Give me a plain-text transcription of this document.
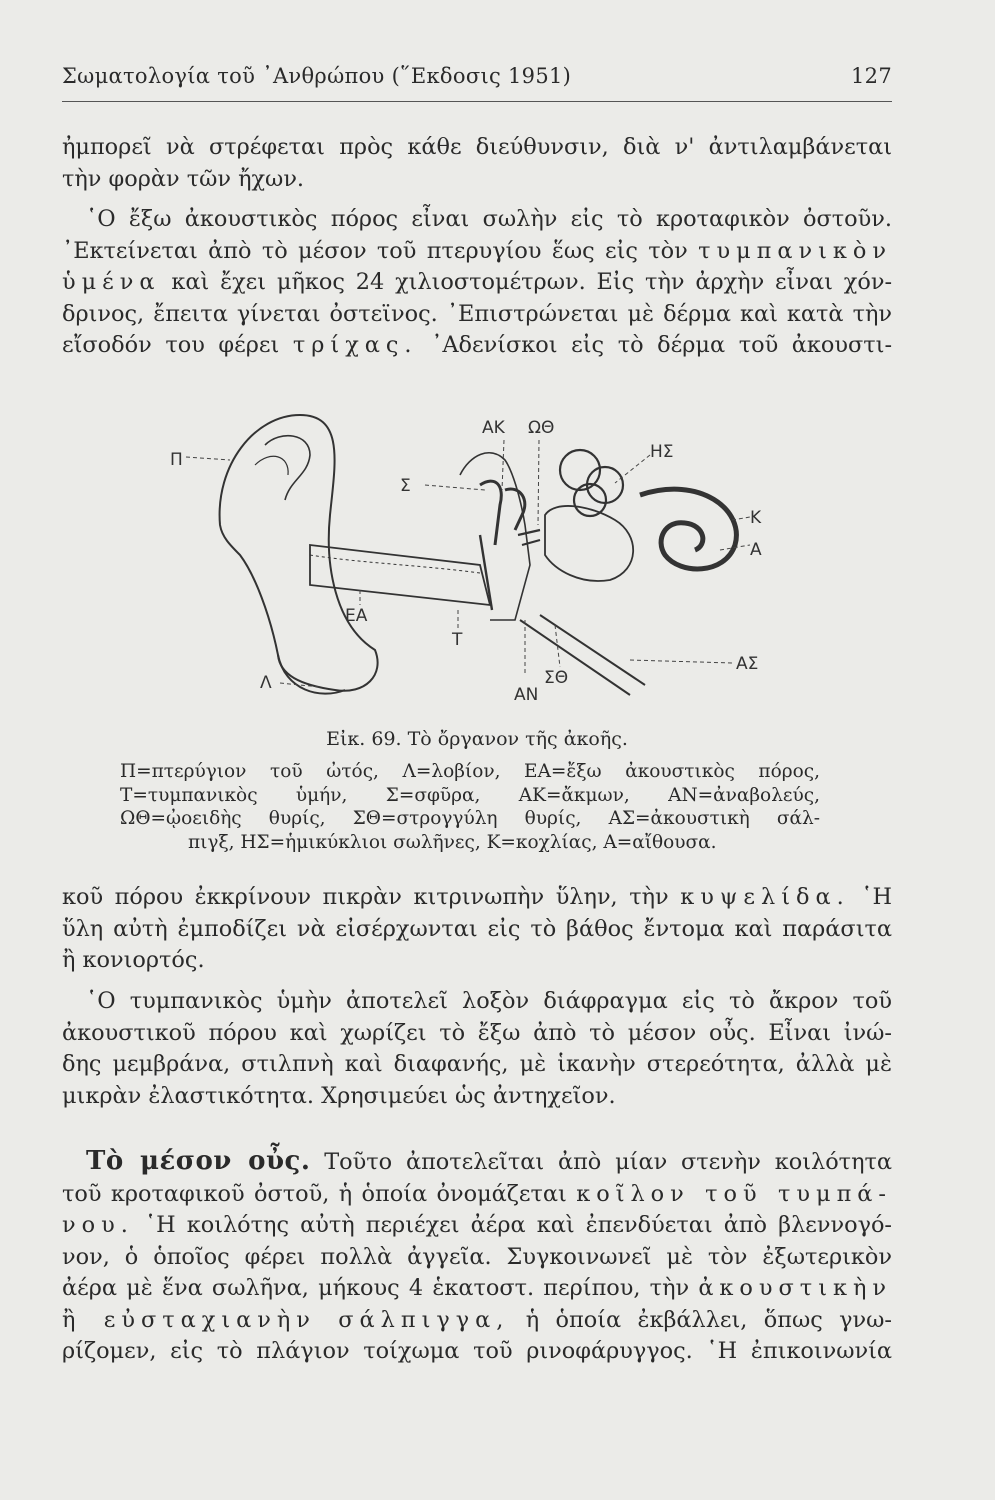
Σωματολογία τοῦ ᾿Ανθρώπου (῞Εκδοσις 1951)	127

ἠμπορεῖ νὰ στρέφεται πρὸς κάθε διεύθυνσιν, διὰ ν' ἀντιλαμβάνεται
τὴν φορὰν τῶν ἤχων.

῾Ο ἔξω ἀκουστικὸς πόρος εἶναι σωλὴν εἰς τὸ κροταφικὸν ὀστοῦν.
᾿Εκτείνεται ἀπὸ τὸ μέσον τοῦ πτερυγίου ἕως εἰς τὸν τυμπανικὸν
ὑμένα καὶ ἔχει μῆκος 24 χιλιοστομέτρων. Εἰς τὴν ἀρχὴν εἶναι χόν-
δρινος, ἔπειτα γίνεται ὀστεϊνος. ᾿Επιστρώνεται μὲ δέρμα καὶ κατὰ τὴν
εἴσοδόν του φέρει τρίχας. ᾿Αδενίσκοι εἰς τὸ δέρμα τοῦ ἀκουστι-

Π
ΑΚ ΩΘ
ΗΣ
Σ
Κ
Α
ΕΑ
Τ
Λ
ΑΝ
ΣΘ
ΑΣ
Εἰκ. 69. Τὸ ὄργανον τῆς ἀκοῆς.
Π=πτερύγιον τοῦ ὠτός, Λ=λοβίον, ΕΑ=ἔξω ἀκουστικὸς πόρος,
Τ=τυμπανικὸς ὑμήν, Σ=σφῦρα, ΑΚ=ἄκμων, ΑΝ=ἀναβολεύς,
ΩΘ=ᾠοειδὴς θυρίς, ΣΘ=στρογγύλη θυρίς, ΑΣ=ἀκουστικὴ σάλ-
πιγξ, ΗΣ=ἡμικύκλιοι σωλῆνες, Κ=κοχλίας, Α=αἴθουσα.

κοῦ πόρου ἐκκρίνουν πικρὰν κιτρινωπὴν ὕλην, τὴν κυψελίδα. ῾Η
ὕλη αὐτὴ ἐμποδίζει νὰ εἰσέρχωνται εἰς τὸ βάθος ἔντομα καὶ παράσιτα
ἢ κονιορτός.

῾Ο τυμπανικὸς ὑμὴν ἀποτελεῖ λοξὸν διάφραγμα εἰς τὸ ἄκρον τοῦ
ἀκουστικοῦ πόρου καὶ χωρίζει τὸ ἔξω ἀπὸ τὸ μέσον οὖς. Εἶναι ἰνώ-
δης μεμβράνα, στιλπνὴ καὶ διαφανής, μὲ ἱκανὴν στερεότητα, ἀλλὰ μὲ
μικρὰν ἐλαστικότητα. Χρησιμεύει ὡς ἀντηχεῖον.

Τὸ μέσον οὖς. Τοῦτο ἀποτελεῖται ἀπὸ μίαν στενὴν κοιλότητα
τοῦ κροταφικοῦ ὀστοῦ, ἡ ὁποία ὀνομάζεται κοῖλον τοῦ τυμπά-
νου. ῾Η κοιλότης αὐτὴ περιέχει ἀέρα καὶ ἐπενδύεται ἀπὸ βλεννογό-
νον, ὁ ὁποῖος φέρει πολλὰ ἀγγεῖα. Συγκοινωνεῖ μὲ τὸν ἐξωτερικὸν
ἀέρα μὲ ἕνα σωλῆνα, μήκους 4 ἑκατοστ. περίπου, τὴν ἀκουστικὴν
ἢ εὐσταχιανὴν σάλπιγγα, ἡ ὁποία ἐκβάλλει, ὅπως γνω-
ρίζομεν, εἰς τὸ πλάγιον τοίχωμα τοῦ ρινοφάρυγγος. ῾Η ἐπικοινωνία
